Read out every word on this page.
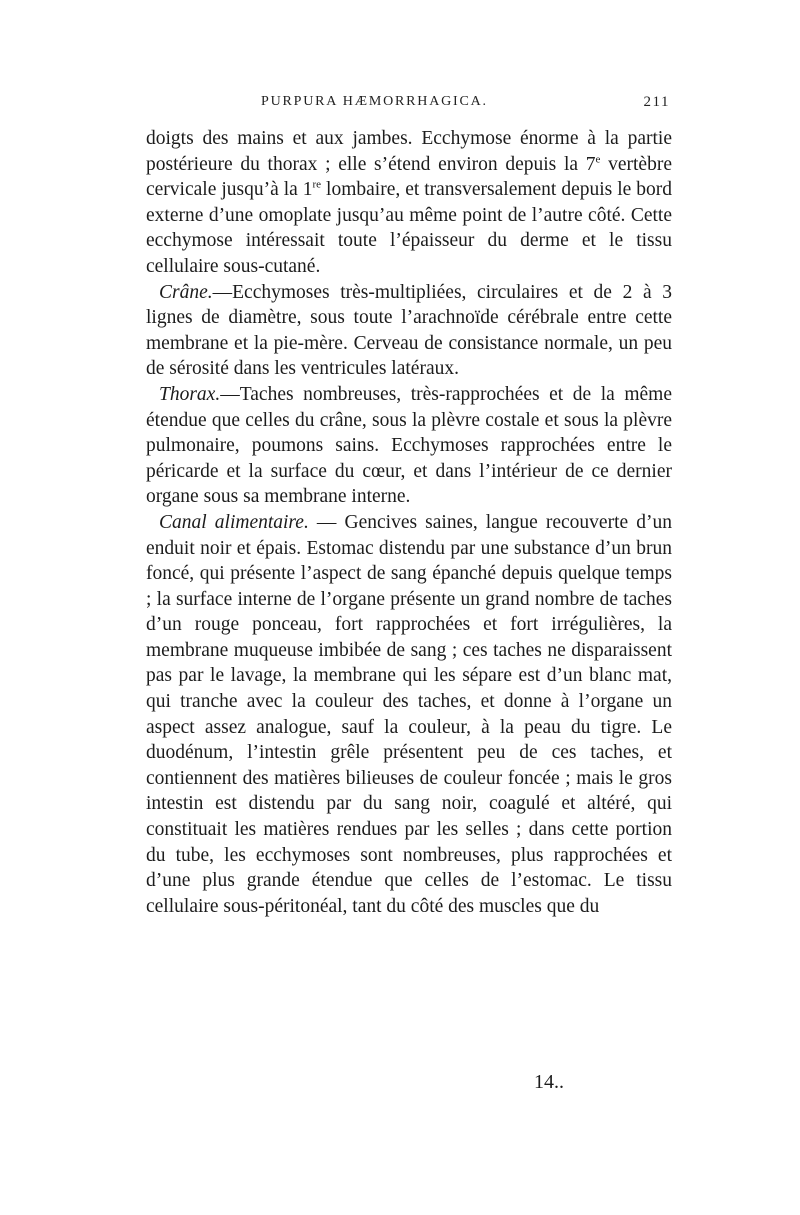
PURPURA HÆMORRHAGICA.	211

doigts des mains et aux jambes. Ecchymose énorme à la partie postérieure du thorax ; elle s’étend environ depuis la 7e vertèbre cervicale jusqu’à la 1re lombaire, et transversalement depuis le bord externe d’une omoplate jusqu’au même point de l’autre côté. Cette ecchymose intéressait toute l’épaisseur du derme et le tissu cellulaire sous-cutané.

Crâne.—Ecchymoses très-multipliées, circulaires et de 2 à 3 lignes de diamètre, sous toute l’arachnoïde cérébrale entre cette membrane et la pie-mère. Cerveau de consistance normale, un peu de sérosité dans les ventricules latéraux.

Thorax.—Taches nombreuses, très-rapprochées et de la même étendue que celles du crâne, sous la plèvre costale et sous la plèvre pulmonaire, poumons sains. Ecchymoses rapprochées entre le péricarde et la surface du cœur, et dans l’intérieur de ce dernier organe sous sa membrane interne.

Canal alimentaire. — Gencives saines, langue recouverte d’un enduit noir et épais. Estomac distendu par une substance d’un brun foncé, qui présente l’aspect de sang épanché depuis quelque temps ; la surface interne de l’organe présente un grand nombre de taches d’un rouge ponceau, fort rapprochées et fort irrégulières, la membrane muqueuse imbibée de sang ; ces taches ne disparaissent pas par le lavage, la membrane qui les sépare est d’un blanc mat, qui tranche avec la couleur des taches, et donne à l’organe un aspect assez analogue, sauf la couleur, à la peau du tigre. Le duodénum, l’intestin grêle présentent peu de ces taches, et contiennent des matières bilieuses de couleur foncée ; mais le gros intestin est distendu par du sang noir, coagulé et altéré, qui constituait les matières rendues par les selles ; dans cette portion du tube, les ecchymoses sont nombreuses, plus rapprochées et d’une plus grande étendue que celles de l’estomac. Le tissu cellulaire sous-péritonéal, tant du côté des muscles que du

14..
